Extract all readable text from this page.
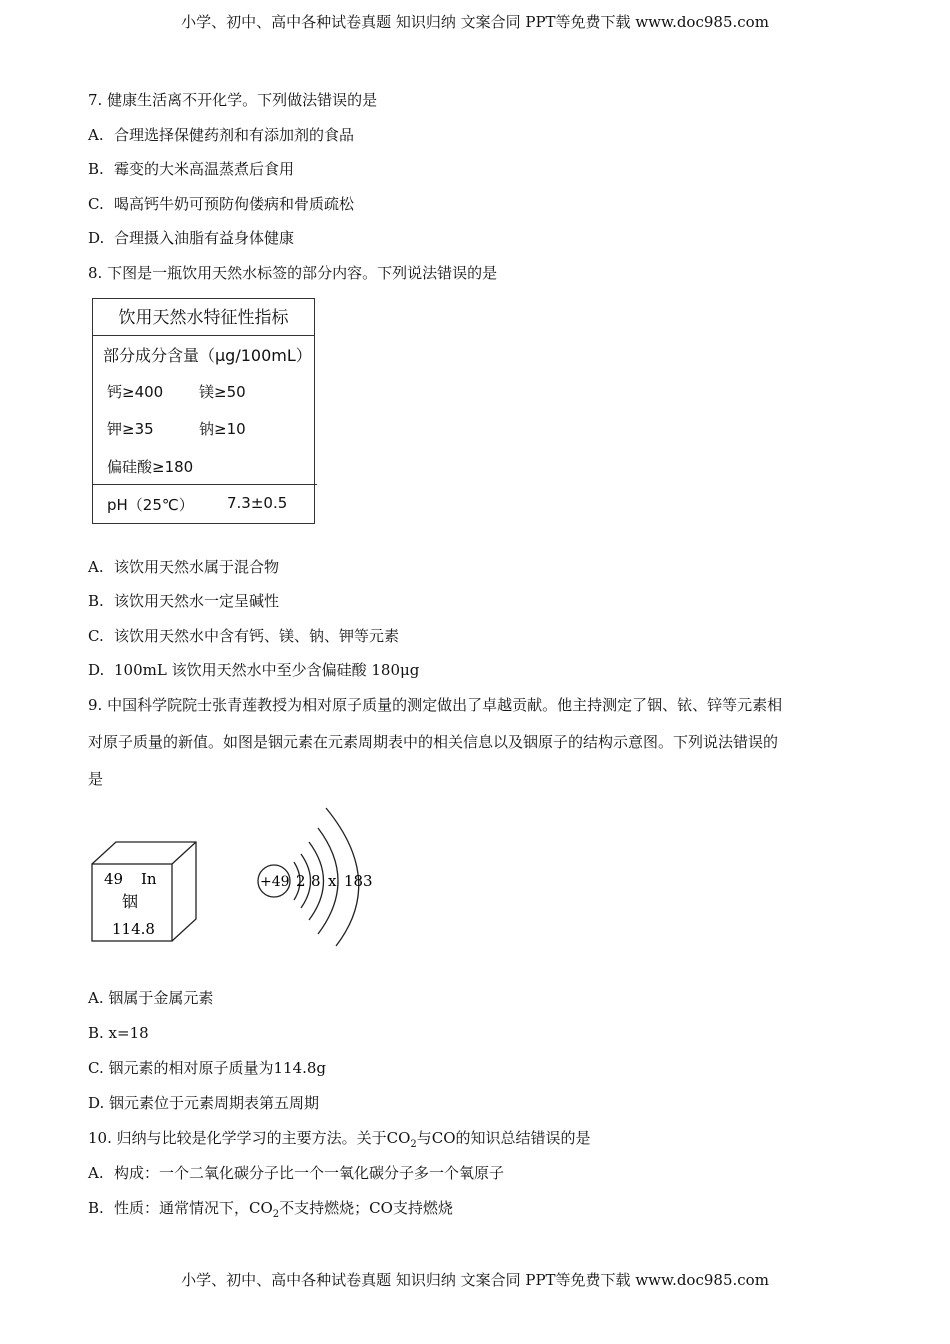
小学、初中、高中各种试卷真题 知识归纳 文案合同 PPT等免费下载 www.doc985.com
7. 健康生活离不开化学。下列做法错误的是
A. 合理选择保健药剂和有添加剂的食品
B. 霉变的大米高温蒸煮后食用
C. 喝高钙牛奶可预防佝偻病和骨质疏松
D. 合理摄入油脂有益身体健康
8. 下图是一瓶饮用天然水标签的部分内容。下列说法错误的是
饮用天然水特征性指标
部分成分含量（μg/100mL）
钙≥400 镁≥50
钾≥35	钠≥10
偏硅酸≥180
pH（25℃） 7.3±0.5
A. 该饮用天然水属于混合物
B. 该饮用天然水一定呈碱性
C. 该饮用天然水中含有钙、镁、钠、钾等元素
D. 100mL 该饮用天然水中至少含偏硅酸 180μg
9. 中国科学院院士张青莲教授为相对原子质量的测定做出了卓越贡献。他主持测定了铟、铱、锌等元素相
对原子质量的新值。如图是铟元素在元素周期表中的相关信息以及铟原子的结构示意图。下列说法错误的
是
49 In
铟
114.8
+49 2 8 x 18 3
A. 铟属于金属元素
B. x=18
C. 铟元素的相对原子质量为114.8g
D. 铟元素位于元素周期表第五周期
10. 归纳与比较是化学学习的主要方法。关于$CO_2$与CO的知识总结错误的是
A. 构成：一个二氧化碳分子比一个一氧化碳分子多一个氧原子
B. 性质：通常情况下，$CO_2$不支持燃烧；CO支持燃烧
小学、初中、高中各种试卷真题 知识归纳 文案合同 PPT等免费下载 www.doc985.com
